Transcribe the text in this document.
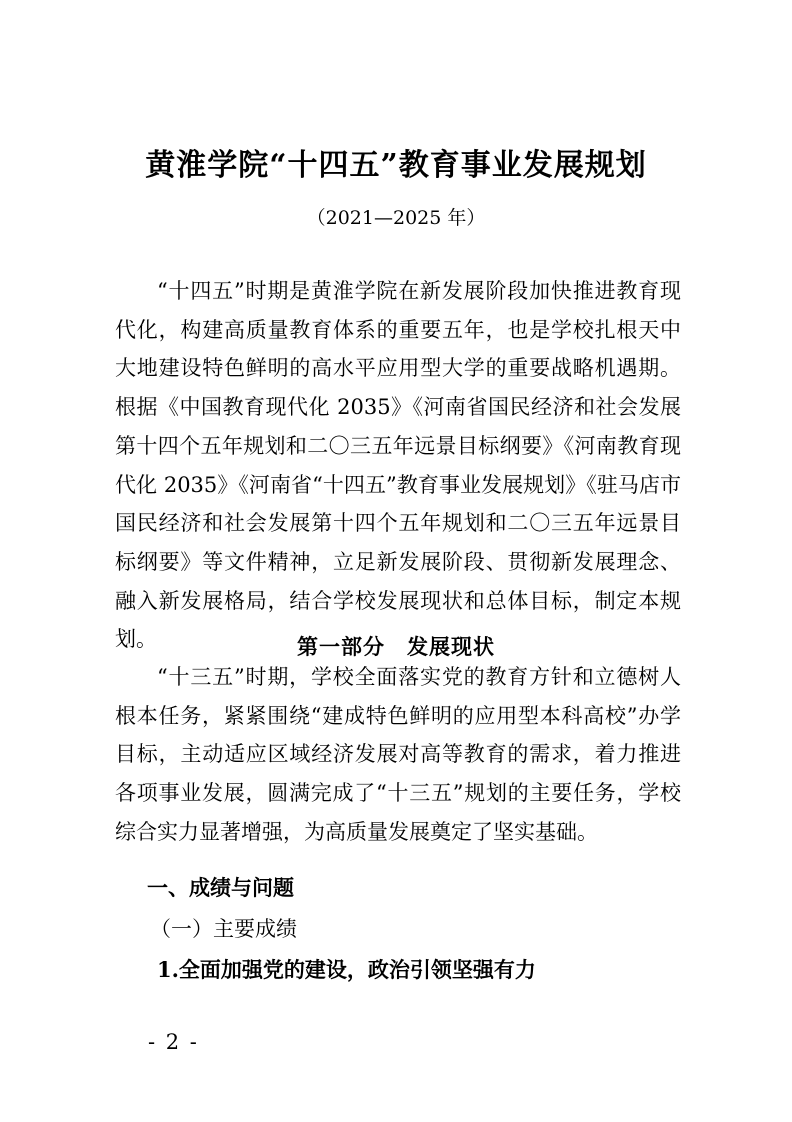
黄淮学院“十四五”教育事业发展规划
（2021—2025 年）

“十四五”时期是黄淮学院在新发展阶段加快推进教育现代化，构建高质量教育体系的重要五年，也是学校扎根天中大地建设特色鲜明的高水平应用型大学的重要战略机遇期。根据《中国教育现代化 2035》《河南省国民经济和社会发展第十四个五年规划和二〇三五年远景目标纲要》《河南教育现代化 2035》《河南省“十四五”教育事业发展规划》《驻马店市国民经济和社会发展第十四个五年规划和二〇三五年远景目标纲要》等文件精神，立足新发展阶段、贯彻新发展理念、融入新发展格局，结合学校发展现状和总体目标，制定本规划。	第一部分 发展现状

“十三五”时期，学校全面落实党的教育方针和立德树人根本任务，紧紧围绕“建成特色鲜明的应用型本科高校”办学目标，主动适应区域经济发展对高等教育的需求，着力推进各项事业发展，圆满完成了“十三五”规划的主要任务，学校综合实力显著增强，为高质量发展奠定了坚实基础。

一、成绩与问题
（一）主要成绩
1.全面加强党的建设，政治引领坚强有力
- 2 -
